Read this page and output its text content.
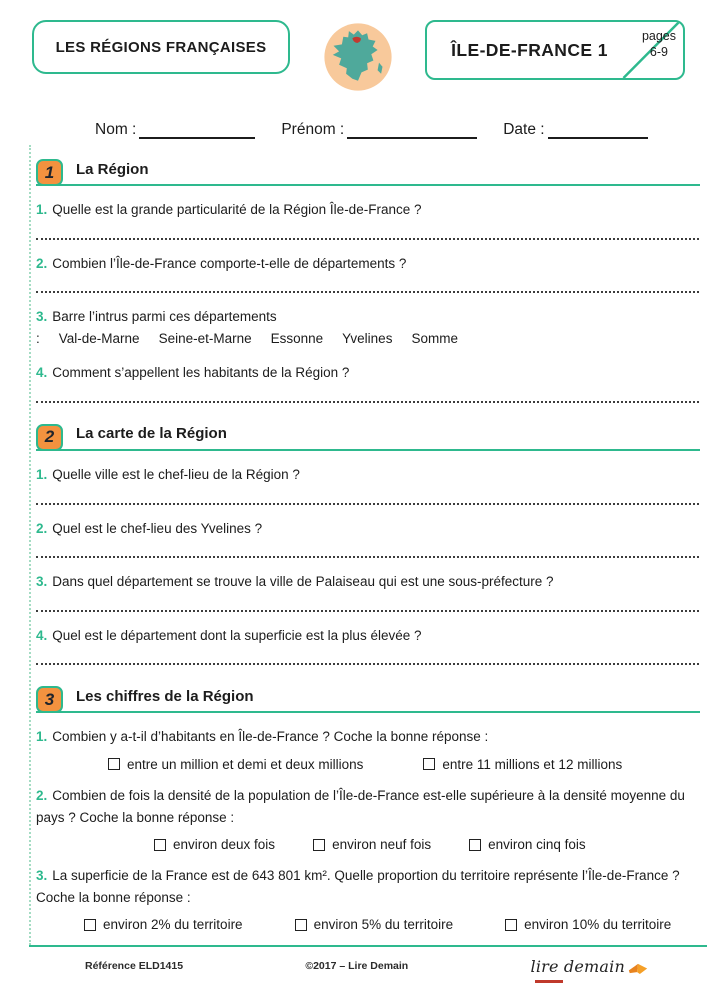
LES RÉGIONS FRANÇAISES	ÎLE-DE-FRANCE 1
pages
6-9
Nom :	Prénom :	Date :
1	La Région
1. Quelle est la grande particularité de la Région Île-de-France ?
2. Combien l’Île-de-France comporte-t-elle de départements ?
3. Barre l’intrus parmi ces départements : Val-de-Marne Seine-et-Marne Essonne Yvelines Somme
4. Comment s’appellent les habitants de la Région ?
2	La carte de la Région
1. Quelle ville est le chef-lieu de la Région ?
2. Quel est le chef-lieu des Yvelines ?
3. Dans quel département se trouve la ville de Palaiseau qui est une sous-préfecture ?
4. Quel est le département dont la superficie est la plus élevée ?
3	Les chiffres de la Région
1. Combien y a-t-il d’habitants en Île-de-France ? Coche la bonne réponse :
entre un million et demi et deux millions	entre 11 millions et 12 millions
2. Combien de fois la densité de la population de l’Île-de-France est-elle supérieure à la densité moyenne du pays ? Coche la bonne réponse :
environ deux fois	environ neuf fois	environ cinq fois
3. La superficie de la France est de 643 801 km². Quelle proportion du territoire représente l’Île-de-France ? Coche la bonne réponse :
environ 2% du territoire	environ 5% du territoire	environ 10% du territoire
Référence ELD1415	©2017 – Lire Demain	lire demain
